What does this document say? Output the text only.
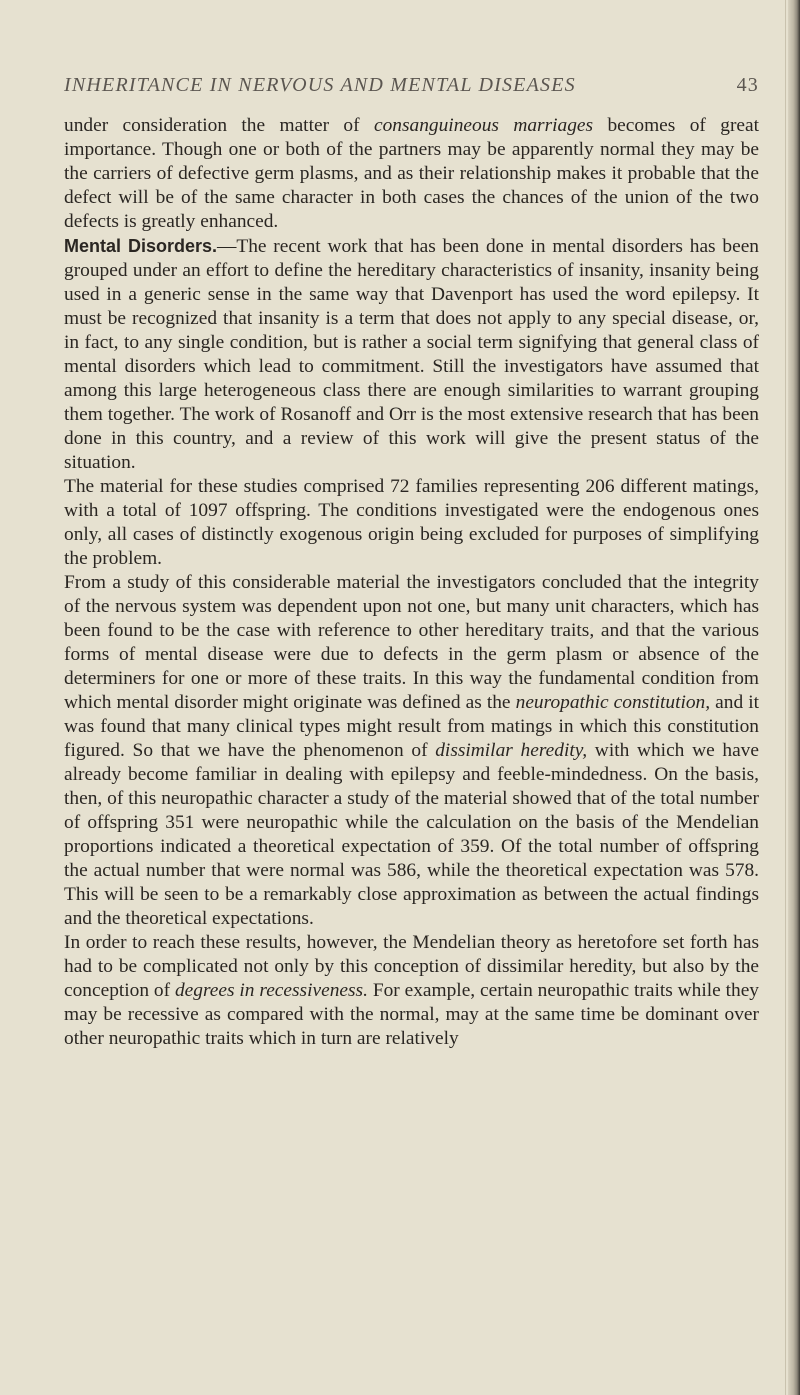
INHERITANCE IN NERVOUS AND MENTAL DISEASES	43

under consideration the matter of consanguineous marriages becomes of great importance. Though one or both of the partners may be apparently normal they may be the carriers of defective germ plasms, and as their relationship makes it probable that the defect will be of the same character in both cases the chances of the union of the two defects is greatly enhanced.

Mental Disorders.—The recent work that has been done in mental disorders has been grouped under an effort to define the hereditary characteristics of insanity, insanity being used in a generic sense in the same way that Davenport has used the word epilepsy. It must be recognized that insanity is a term that does not apply to any special disease, or, in fact, to any single condition, but is rather a social term signifying that general class of mental disorders which lead to commitment. Still the investigators have assumed that among this large heterogeneous class there are enough similarities to warrant grouping them together. The work of Rosanoff and Orr is the most extensive research that has been done in this country, and a review of this work will give the present status of the situation.

The material for these studies comprised 72 families representing 206 different matings, with a total of 1097 offspring. The conditions investigated were the endogenous ones only, all cases of distinctly exogenous origin being excluded for purposes of simplifying the problem.

From a study of this considerable material the investigators concluded that the integrity of the nervous system was dependent upon not one, but many unit characters, which has been found to be the case with reference to other hereditary traits, and that the various forms of mental disease were due to defects in the germ plasm or absence of the determiners for one or more of these traits. In this way the fundamental condition from which mental disorder might originate was defined as the neuropathic constitution, and it was found that many clinical types might result from matings in which this constitution figured. So that we have the phenomenon of dissimilar heredity, with which we have already become familiar in dealing with epilepsy and feeble-mindedness. On the basis, then, of this neuropathic character a study of the material showed that of the total number of offspring 351 were neuropathic while the calculation on the basis of the Mendelian proportions indicated a theoretical expectation of 359. Of the total number of offspring the actual number that were normal was 586, while the theoretical expectation was 578. This will be seen to be a remarkably close approximation as between the actual findings and the theoretical expectations.

In order to reach these results, however, the Mendelian theory as heretofore set forth has had to be complicated not only by this conception of dissimilar heredity, but also by the conception of degrees in recessiveness. For example, certain neuropathic traits while they may be recessive as compared with the normal, may at the same time be dominant over other neuropathic traits which in turn are relatively
